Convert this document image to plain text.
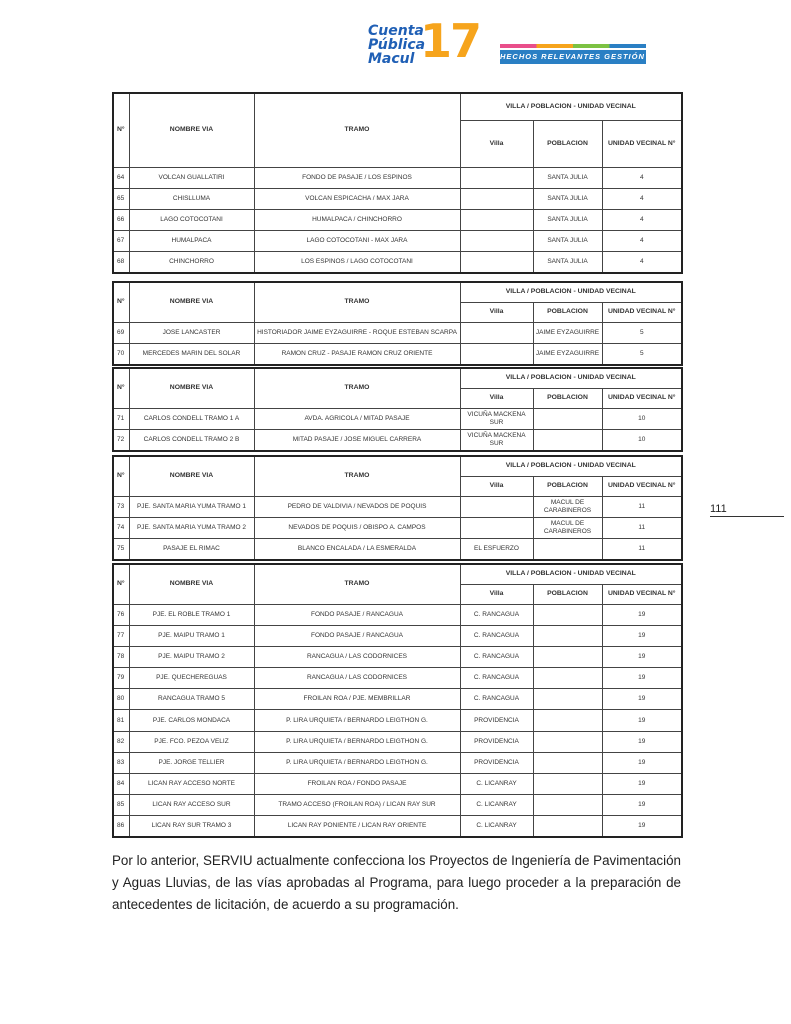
Cuenta
Pública
Macul 17	HECHOS RELEVANTES GESTIÓN 2017
N°	NOMBRE VIA	TRAMO	VILLA / POBLACION - UNIDAD VECINAL		
			Villa	POBLACION	UNIDAD VECINAL N°
64	VOLCAN GUALLATIRI	FONDO DE PASAJE / LOS ESPINOS		SANTA JULIA	4
65	CHISLLUMA	VOLCAN ESPICACHA / MAX JARA		SANTA JULIA	4
66	LAGO COTOCOTANI	HUMALPACA / CHINCHORRO		SANTA JULIA	4
67	HUMALPACA	LAGO COTOCOTANI - MAX JARA		SANTA JULIA	4
68	CHINCHORRO	LOS ESPINOS / LAGO COTOCOTANI		SANTA JULIA	4
N°	NOMBRE VIA	TRAMO	VILLA / POBLACION - UNIDAD VECINAL		
			Villa	POBLACION	UNIDAD VECINAL N°
69	JOSE LANCASTER	HISTORIADOR JAIME EYZAGUIRRE - ROQUE ESTEBAN SCARPA		JAIME EYZAGUIRRE	5
70	MERCEDES MARIN DEL SOLAR	RAMON CRUZ - PASAJE RAMON CRUZ ORIENTE		JAIME EYZAGUIRRE	5
N°	NOMBRE VIA	TRAMO	VILLA / POBLACION - UNIDAD VECINAL		
			Villa	POBLACION	UNIDAD VECINAL N°
71	CARLOS CONDELL TRAMO 1 A	AVDA. AGRICOLA / MITAD PASAJE	VICUÑA MACKENA SUR		10
72	CARLOS CONDELL TRAMO 2 B	MITAD PASAJE / JOSE MIGUEL CARRERA	VICUÑA MACKENA SUR		10
N°	NOMBRE VIA	TRAMO	VILLA / POBLACION - UNIDAD VECINAL		
			Villa	POBLACION	UNIDAD VECINAL N°
73	PJE. SANTA MARIA YUMA TRAMO 1	PEDRO DE VALDIVIA / NEVADOS DE POQUIS		MACUL DE CARABINEROS	11
74	PJE. SANTA MARIA YUMA TRAMO 2	NEVADOS DE POQUIS / OBISPO A. CAMPOS		MACUL DE CARABINEROS	11
75	PASAJE EL RIMAC	BLANCO ENCALADA / LA ESMERALDA	EL ESFUERZO		11
N°	NOMBRE VIA	TRAMO	VILLA / POBLACION - UNIDAD VECINAL		
			Villa	POBLACION	UNIDAD VECINAL N°
76	PJE. EL ROBLE TRAMO 1	FONDO PASAJE / RANCAGUA	C. RANCAGUA		19
77	PJE. MAIPU TRAMO 1	FONDO PASAJE / RANCAGUA	C. RANCAGUA		19
78	PJE. MAIPU TRAMO 2	RANCAGUA / LAS CODORNICES	C. RANCAGUA		19
79	PJE. QUECHEREGUAS	RANCAGUA / LAS CODORNICES	C. RANCAGUA		19
80	RANCAGUA TRAMO 5	FROILAN ROA / PJE. MEMBRILLAR	C. RANCAGUA		19
81	PJE. CARLOS MONDACA	P. LIRA URQUIETA / BERNARDO LEIGTHON G.	PROVIDENCIA		19
82	PJE. FCO. PEZOA VELIZ	P. LIRA URQUIETA / BERNARDO LEIGTHON G.	PROVIDENCIA		19
83	PJE. JORGE TELLIER	P. LIRA URQUIETA / BERNARDO LEIGTHON G.	PROVIDENCIA		19
84	LICAN RAY ACCESO NORTE	FROILAN ROA / FONDO PASAJE	C. LICANRAY		19
85	LICAN RAY ACCESO SUR	TRAMO ACCESO (FROILAN ROA) / LICAN RAY SUR	C. LICANRAY		19
86	LICAN RAY SUR TRAMO 3	LICAN RAY PONIENTE / LICAN RAY ORIENTE	C. LICANRAY		19
111
Por lo anterior, SERVIU actualmente confecciona los Proyectos de Ingeniería de Pavimentación y Aguas Lluvias, de las vías aprobadas al Programa, para luego proceder a la preparación de antecedentes de licitación, de acuerdo a su programación.
